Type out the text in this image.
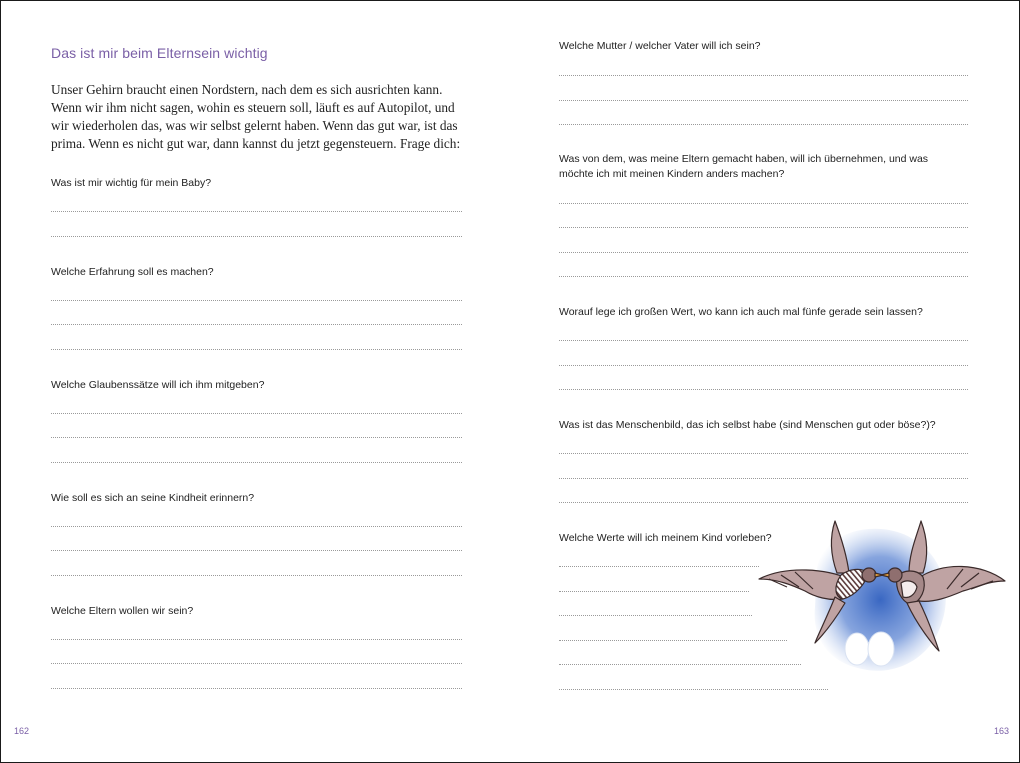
Das ist mir beim Elternsein wichtig
Unser Gehirn braucht einen Nordstern, nach dem es sich ausrichten kann. Wenn wir ihm nicht sagen, wohin es steuern soll, läuft es auf Autopilot, und wir wiederholen das, was wir selbst gelernt haben. Wenn das gut war, ist das prima. Wenn es nicht gut war, dann kannst du jetzt gegensteuern. Frage dich:
Was ist mir wichtig für mein Baby?
Welche Erfahrung soll es machen?
Welche Glaubenssätze will ich ihm mitgeben?
Wie soll es sich an seine Kindheit erinnern?
Welche Eltern wollen wir sein?
162
Welche Mutter / welcher Vater will ich sein?
Was von dem, was meine Eltern gemacht haben, will ich übernehmen, und was möchte ich mit meinen Kindern anders machen?
Worauf lege ich großen Wert, wo kann ich auch mal fünfe gerade sein lassen?
Was ist das Menschenbild, das ich selbst habe (sind Menschen gut oder böse?)?
Welche Werte will ich meinem Kind vorleben?
163
